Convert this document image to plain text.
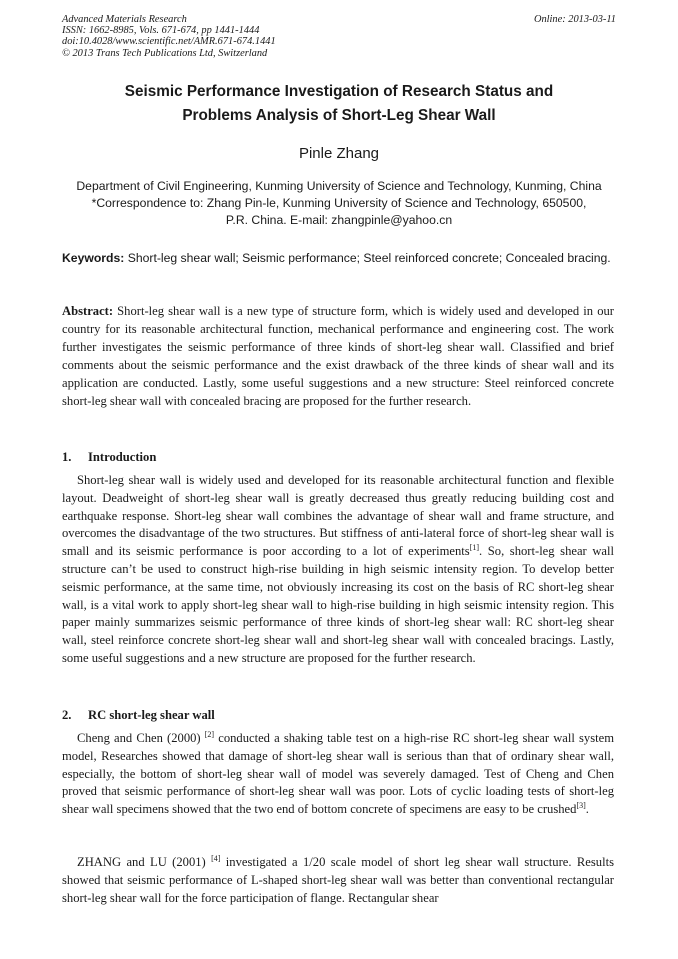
Advanced Materials Research
ISSN: 1662-8985, Vols. 671-674, pp 1441-1444
doi:10.4028/www.scientific.net/AMR.671-674.1441
© 2013 Trans Tech Publications Ltd, Switzerland
Online: 2013-03-11
Seismic Performance Investigation of Research Status and
Problems Analysis of Short-Leg Shear Wall
Pinle Zhang
Department of Civil Engineering, Kunming University of Science and Technology, Kunming, China
*Correspondence to: Zhang Pin-le, Kunming University of Science and Technology, 650500,
P.R. China. E-mail: zhangpinle@yahoo.cn
Keywords: Short-leg shear wall; Seismic performance; Steel reinforced concrete; Concealed bracing.
Abstract: Short-leg shear wall is a new type of structure form, which is widely used and developed in our country for its reasonable architectural function, mechanical performance and engineering cost. The work further investigates the seismic performance of three kinds of short-leg shear wall. Classified and brief comments about the seismic performance and the exist drawback of the three kinds of shear wall and its application are conducted. Lastly, some useful suggestions and a new structure: Steel reinforced concrete short-leg shear wall with concealed bracing are proposed for the further research.
1. Introduction
Short-leg shear wall is widely used and developed for its reasonable architectural function and flexible layout. Deadweight of short-leg shear wall is greatly decreased thus greatly reducing building cost and earthquake response. Short-leg shear wall combines the advantage of shear wall and frame structure, and overcomes the disadvantage of the two structures. But stiffness of anti-lateral force of short-leg shear wall is small and its seismic performance is poor according to a lot of experiments[1]. So, short-leg shear wall structure can’t be used to construct high-rise building in high seismic intensity region. To develop better seismic performance, at the same time, not obviously increasing its cost on the basis of RC short-leg shear wall, is a vital work to apply short-leg shear wall to high-rise building in high seismic intensity region. This paper mainly summarizes seismic performance of three kinds of short-leg shear wall: RC short-leg shear wall, steel reinforce concrete short-leg shear wall and short-leg shear wall with concealed bracings. Lastly, some useful suggestions and a new structure are proposed for the further research.
2. RC short-leg shear wall
Cheng and Chen (2000) [2] conducted a shaking table test on a high-rise RC short-leg shear wall system model, Researches showed that damage of short-leg shear wall is serious than that of ordinary shear wall, especially, the bottom of short-leg shear wall of model was severely damaged. Test of Cheng and Chen proved that seismic performance of short-leg shear wall was poor. Lots of cyclic loading tests of short-leg shear wall specimens showed that the two end of bottom concrete of specimens are easy to be crushed[3].
ZHANG and LU (2001) [4] investigated a 1/20 scale model of short leg shear wall structure. Results showed that seismic performance of L-shaped short-leg shear wall was better than conventional rectangular short-leg shear wall for the force participation of flange. Rectangular shear
